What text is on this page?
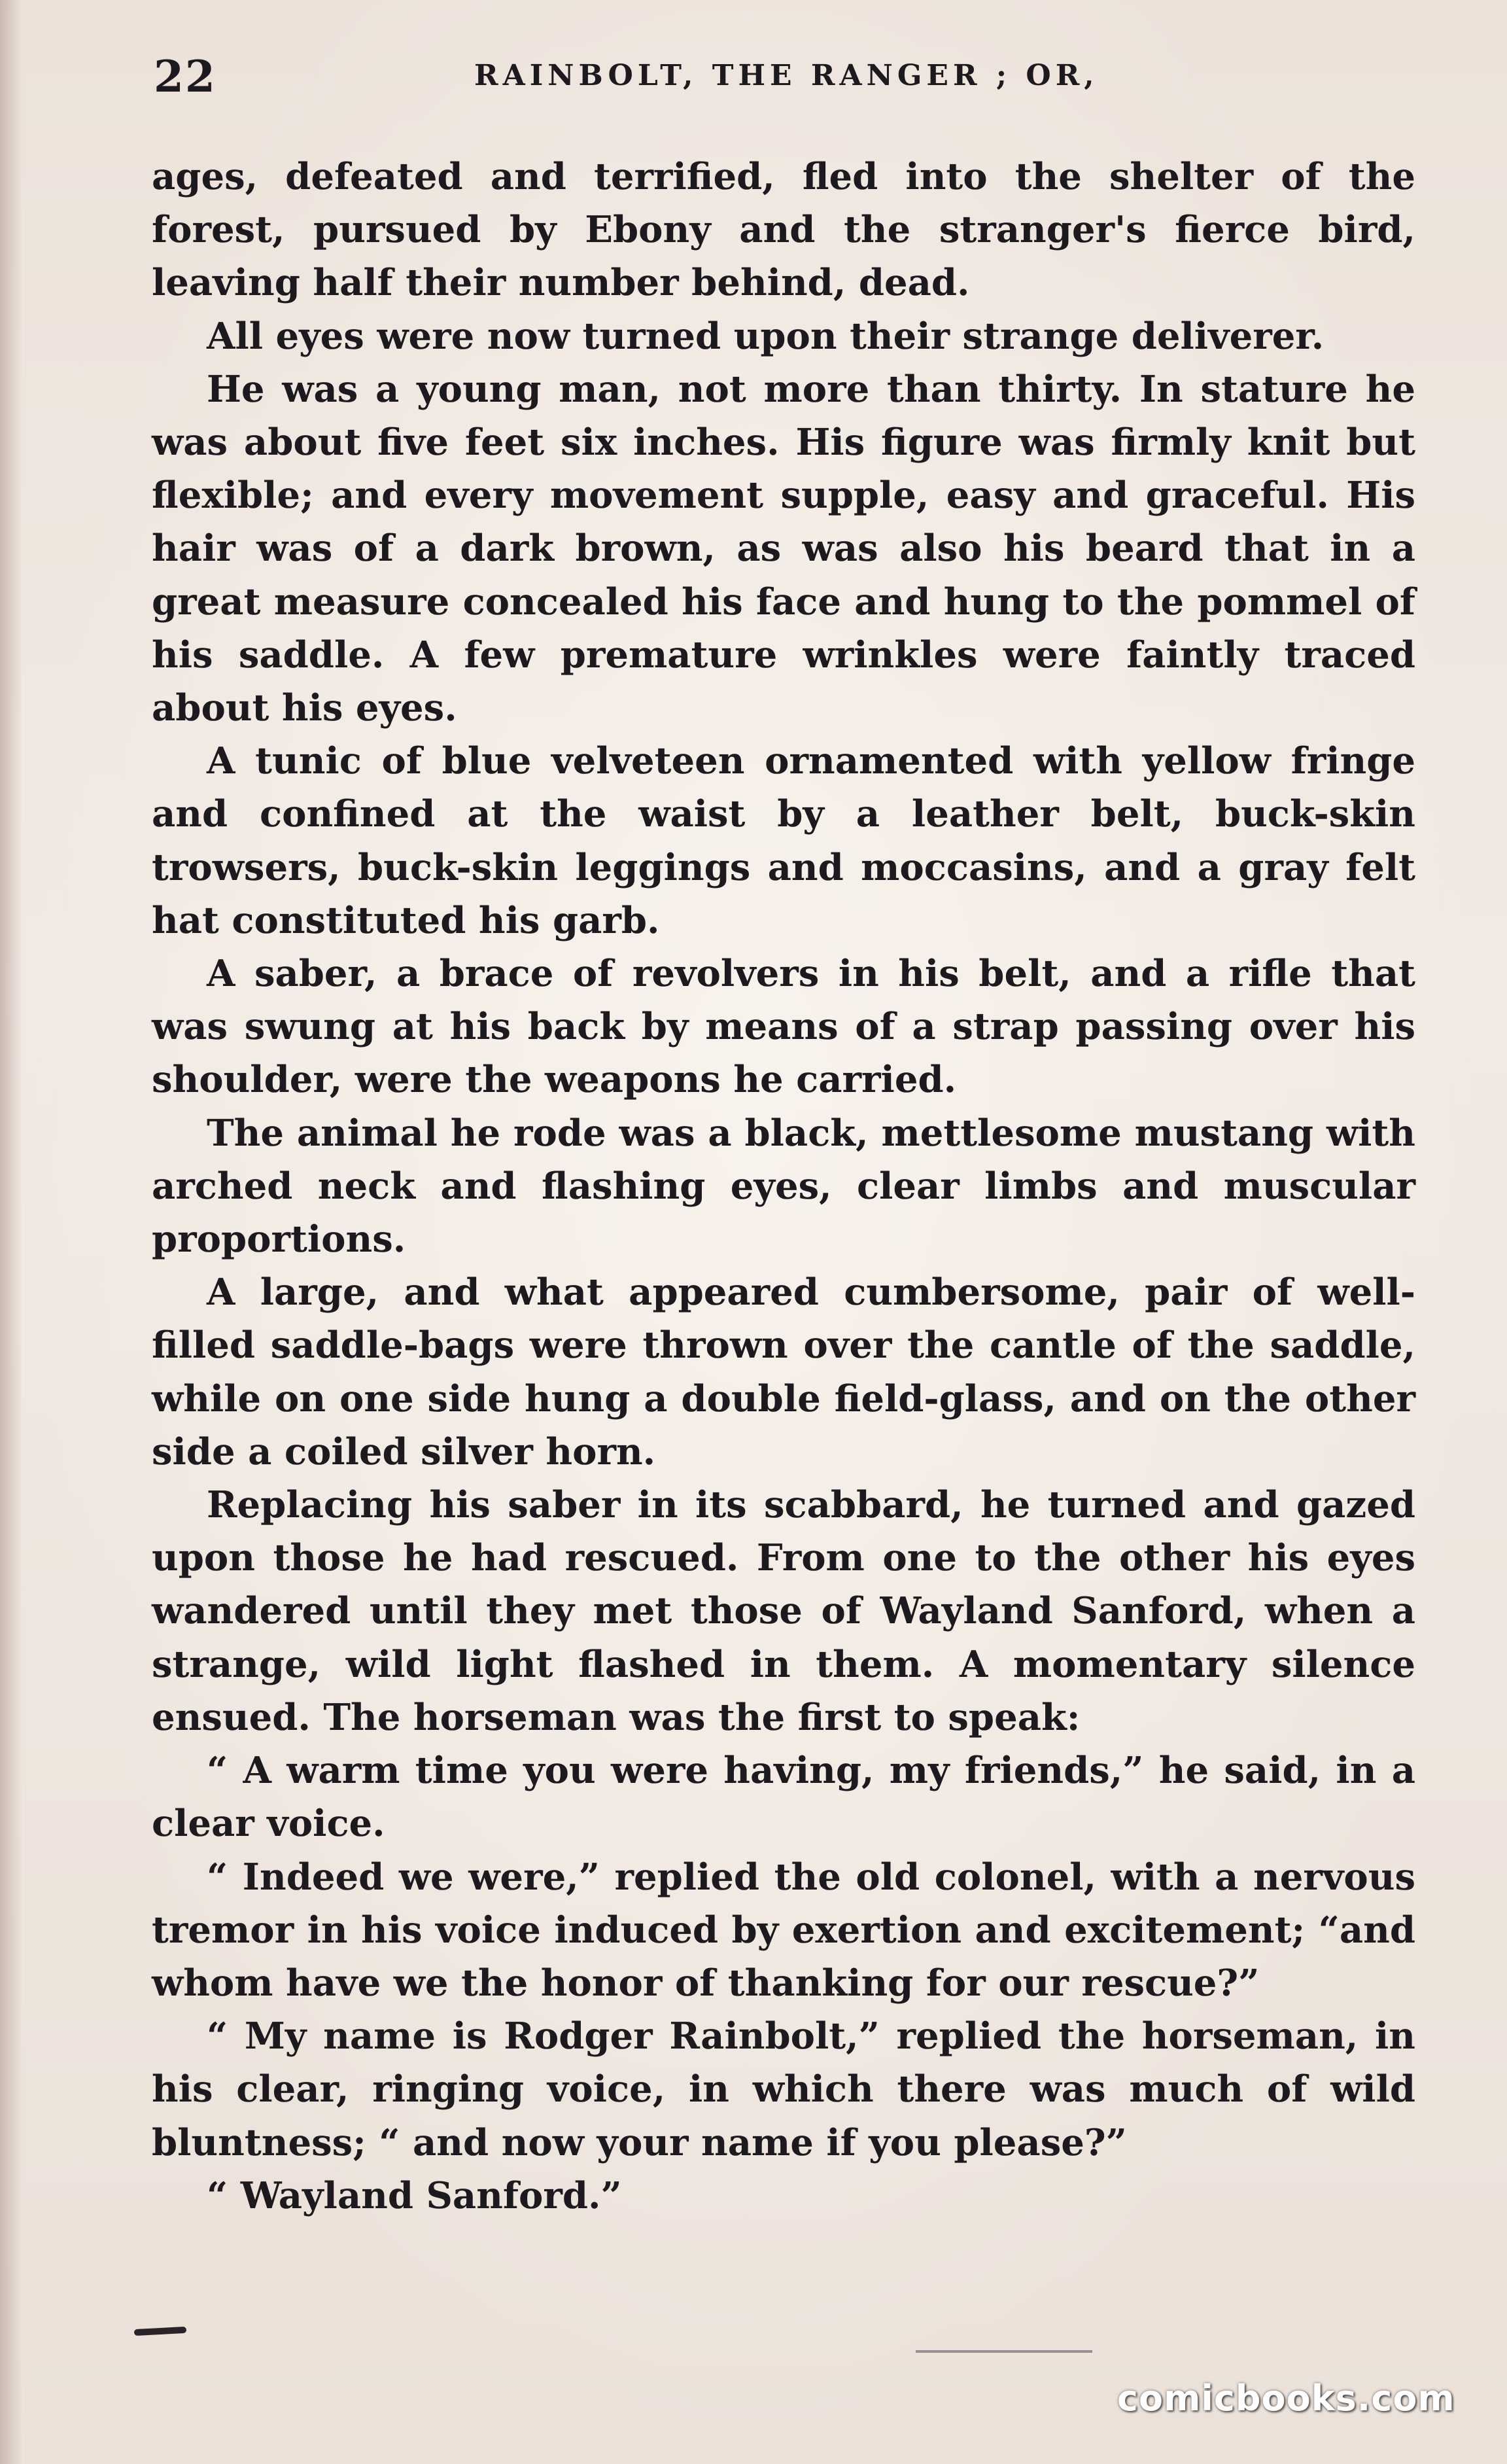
22	RAINBOLT, THE RANGER ; OR,

ages, defeated and terrified, fled into the shelter of the forest, pursued by Ebony and the stranger's fierce bird, leaving half their number behind, dead.

All eyes were now turned upon their strange deliverer.

He was a young man, not more than thirty. In stature he was about five feet six inches. His figure was firmly knit but flexible; and every movement supple, easy and graceful. His hair was of a dark brown, as was also his beard that in a great measure concealed his face and hung to the pommel of his saddle. A few premature wrinkles were faintly traced about his eyes.

A tunic of blue velveteen ornamented with yellow fringe and confined at the waist by a leather belt, buck-skin trowsers, buck-skin leggings and moccasins, and a gray felt hat constituted his garb.

A saber, a brace of revolvers in his belt, and a rifle that was swung at his back by means of a strap passing over his shoulder, were the weapons he carried.

The animal he rode was a black, mettlesome mustang with arched neck and flashing eyes, clear limbs and muscular proportions.

A large, and what appeared cumbersome, pair of well-filled saddle-bags were thrown over the cantle of the saddle, while on one side hung a double field-glass, and on the other side a coiled silver horn.

Replacing his saber in its scabbard, he turned and gazed upon those he had rescued. From one to the other his eyes wandered until they met those of Wayland Sanford, when a strange, wild light flashed in them. A momentary silence ensued. The horseman was the first to speak:

“ A warm time you were having, my friends,” he said, in a clear voice.

“ Indeed we were,” replied the old colonel, with a nervous tremor in his voice induced by exertion and excitement; “and whom have we the honor of thanking for our rescue?”

“ My name is Rodger Rainbolt,” replied the horseman, in his clear, ringing voice, in which there was much of wild bluntness; “ and now your name if you please?”

“ Wayland Sanford.”

comicbooks.com
